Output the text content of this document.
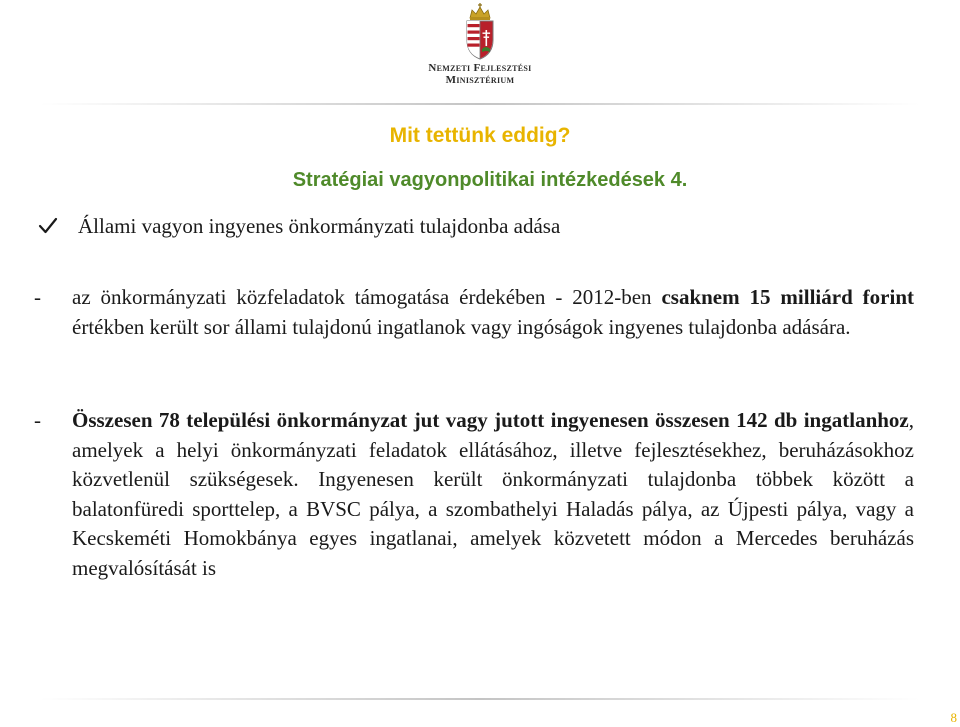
Nemzeti Fejlesztési
Minisztérium
Mit tettünk eddig?
Stratégiai vagyonpolitikai intézkedések 4.
Állami vagyon ingyenes önkormányzati tulajdonba adása
- az önkormányzati közfeladatok támogatása érdekében - 2012-ben csaknem 15 milliárd forint értékben került sor állami tulajdonú ingatlanok vagy ingóságok ingyenes tulajdonba adására.
- Összesen 78 települési önkormányzat jut vagy jutott ingyenesen összesen 142 db ingatlanhoz, amelyek a helyi önkormányzati feladatok ellátásához, illetve fejlesztésekhez, beruházásokhoz közvetlenül szükségesek. Ingyenesen került önkormányzati tulajdonba többek között a balatonfüredi sporttelep, a BVSC pálya, a szombathelyi Haladás pálya, az Újpesti pálya, vagy a Kecskeméti Homokbánya egyes ingatlanai, amelyek közvetett módon a Mercedes beruházás megvalósítását is
8
